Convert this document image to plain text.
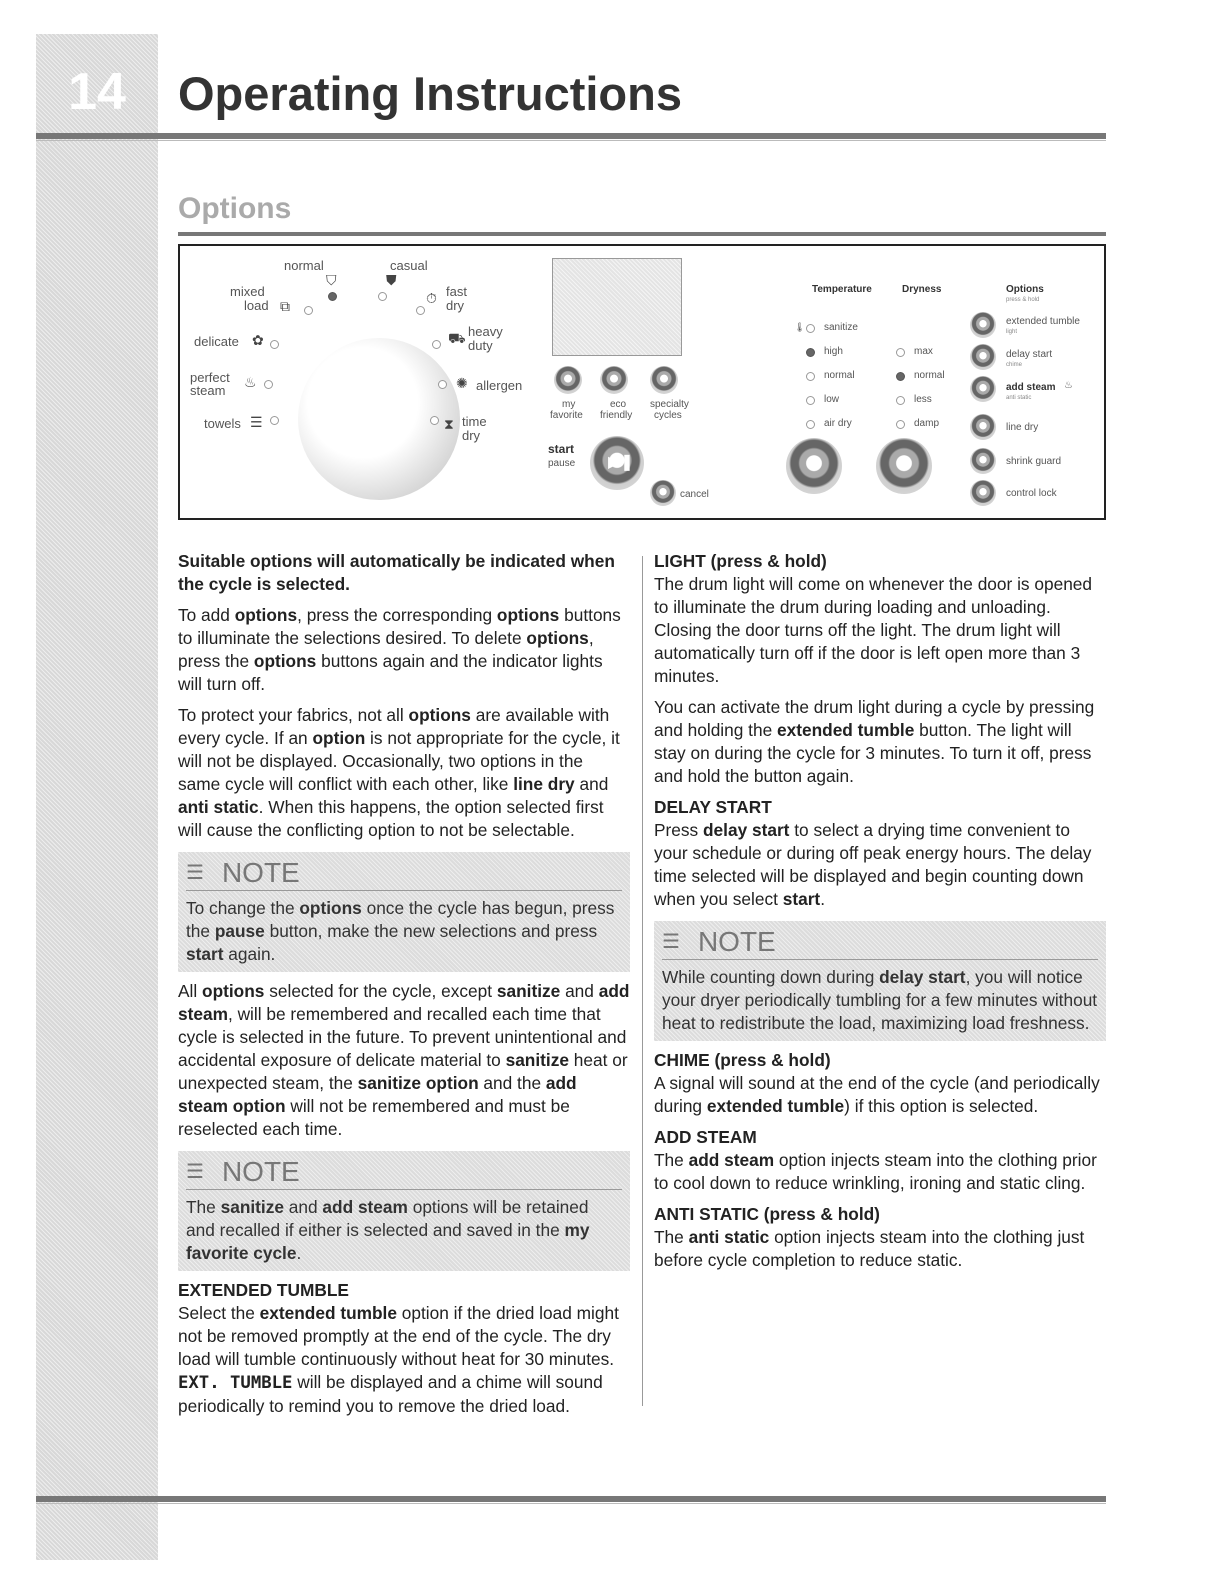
14	Operating Instructions
Options
normal	casual
⛉	⛊
mixed
load ⧉
fast
dry
⏱
delicate ✿
heavy
duty
⛟
perfect
steam
♨	allergen
✺
towels ☰	time
dry
⧗
my
favorite
eco
friendly
specialty
cycles
start
pause ▶❚
cancel
Temperature	Dryness
🌡 sanitize
high
normal
low
air dry
max
normal
less
damp
Options
press & hold
extended tumble
light
delay start
chime
add steam ♨
anti static
line dry
shrink guard
control lock
Suitable options will automatically be indicated when the cycle is selected.

To add options, press the corresponding options buttons to illuminate the selections desired. To delete options, press the options buttons again and the indicator lights will turn off.

To protect your fabrics, not all options are available with every cycle. If an option is not appropriate for the cycle, it will not be displayed. Occasionally, two options in the same cycle will conflict with each other, like line dry and anti static. When this happens, the option selected first will cause the conflicting option to not be selectable.

☰ NOTE
To change the options once the cycle has begun, press the pause button, make the new selections and press start again.

All options selected for the cycle, except sanitize and add steam, will be remembered and recalled each time that cycle is selected in the future. To prevent unintentional and accidental exposure of delicate material to sanitize heat or unexpected steam, the sanitize option and the add steam option will not be remembered and must be reselected each time.

☰ NOTE
The sanitize and add steam options will be retained and recalled if either is selected and saved in the my favorite cycle.
EXTENDED TUMBLE

Select the extended tumble option if the dried load might not be removed promptly at the end of the cycle. The dry load will tumble continuously without heat for 30 minutes. EXT. TUMBLE will be displayed and a chime will sound periodically to remind you to remove the dried load.

LIGHT (press & hold)

The drum light will come on whenever the door is opened to illuminate the drum during loading and unloading. Closing the door turns off the light. The drum light will automatically turn off if the door is left open more than 3 minutes.

You can activate the drum light during a cycle by pressing and holding the extended tumble button. The light will stay on during the cycle for 3 minutes. To turn it off, press and hold the button again.

DELAY START

Press delay start to select a drying time convenient to your schedule or during off peak energy hours. The delay time selected will be displayed and begin counting down when you select start.

☰ NOTE
While counting down during delay start, you will notice your dryer periodically tumbling for a few minutes without heat to redistribute the load, maximizing load freshness.
CHIME (press & hold)

A signal will sound at the end of the cycle (and periodically during extended tumble) if this option is selected.

ADD STEAM

The add steam option injects steam into the clothing prior to cool down to reduce wrinkling, ironing and static cling.

ANTI STATIC (press & hold)

The anti static option injects steam into the clothing just before cycle completion to reduce static.
